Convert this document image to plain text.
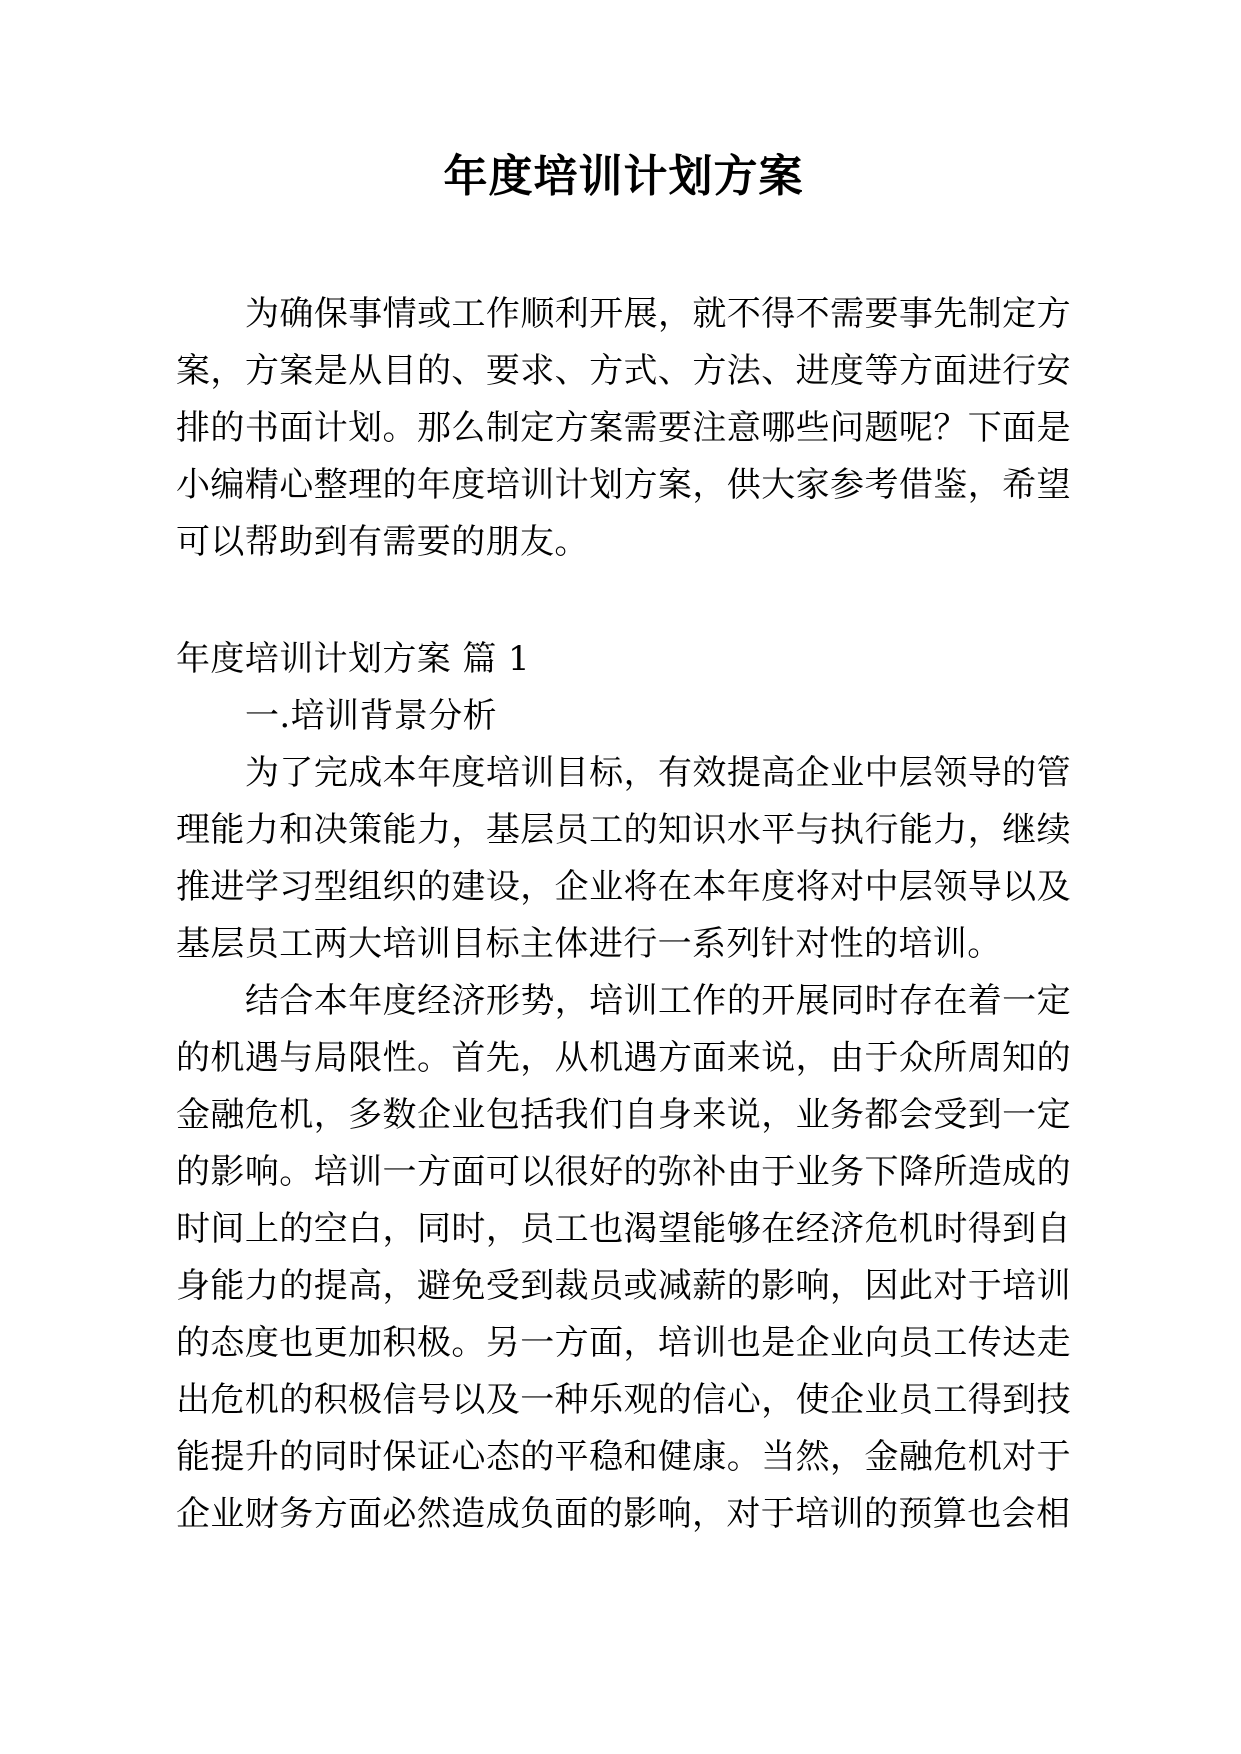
年度培训计划方案

为确保事情或工作顺利开展，就不得不需要事先制定方案，方案是从目的、要求、方式、方法、进度等方面进行安排的书面计划。那么制定方案需要注意哪些问题呢？下面是小编精心整理的年度培训计划方案，供大家参考借鉴，希望可以帮助到有需要的朋友。

年度培训计划方案 篇 1

一.培训背景分析

为了完成本年度培训目标，有效提高企业中层领导的管理能力和决策能力，基层员工的知识水平与执行能力，继续推进学习型组织的建设，企业将在本年度将对中层领导以及基层员工两大培训目标主体进行一系列针对性的培训。

结合本年度经济形势，培训工作的开展同时存在着一定的机遇与局限性。首先，从机遇方面来说，由于众所周知的金融危机，多数企业包括我们自身来说，业务都会受到一定的影响。培训一方面可以很好的弥补由于业务下降所造成的时间上的空白，同时，员工也渴望能够在经济危机时得到自身能力的提高，避免受到裁员或减薪的影响，因此对于培训的态度也更加积极。另一方面，培训也是企业向员工传达走出危机的积极信号以及一种乐观的信心，使企业员工得到技能提升的同时保证心态的平稳和健康。当然，金融危机对于企业财务方面必然造成负面的影响，对于培训的预算也会相
